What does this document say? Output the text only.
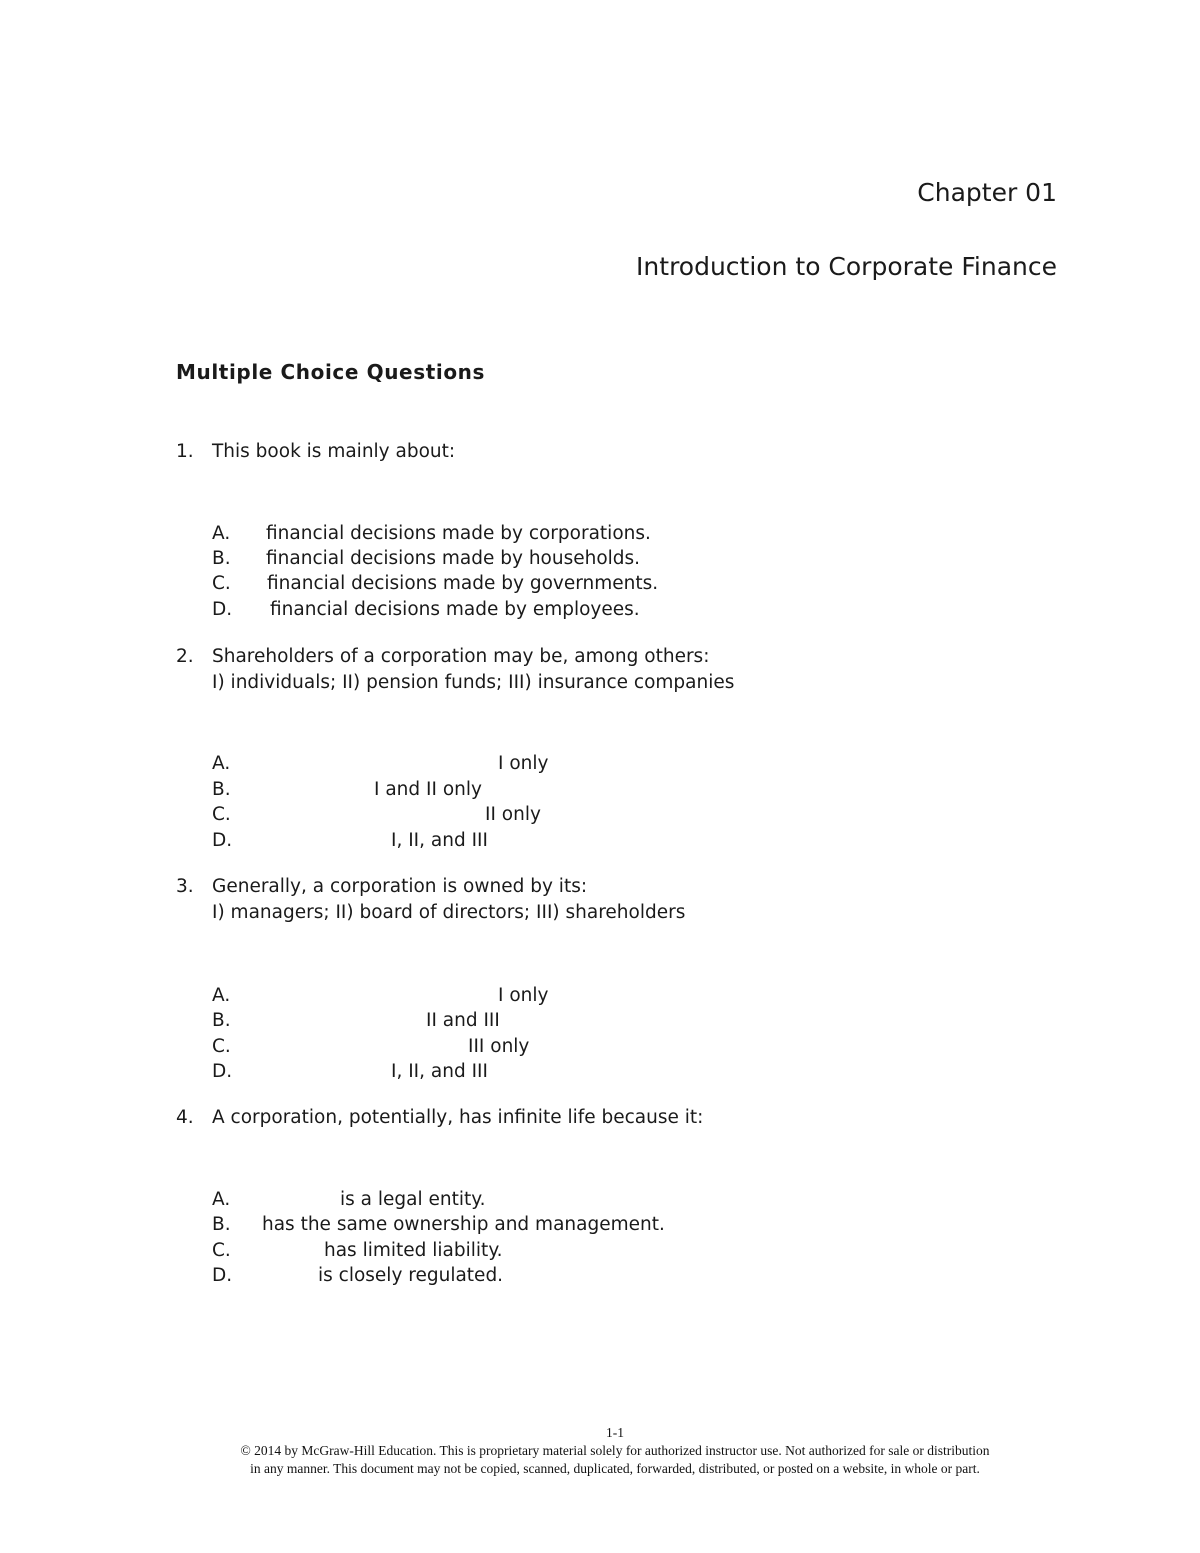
Chapter 01
Introduction to Corporate Finance
Multiple Choice Questions
1. This book is mainly about:
A. financial decisions made by corporations.
B. financial decisions made by households.
C. financial decisions made by governments.
D. financial decisions made by employees.
2. Shareholders of a corporation may be, among others:
I) individuals; II) pension funds; III) insurance companies
A.	I only
B.	I and II only
C.	II only
D.	I, II, and III
3. Generally, a corporation is owned by its:
I) managers; II) board of directors; III) shareholders
A.	I only
B.	II and III
C.	III only
D.	I, II, and III
4. A corporation, potentially, has infinite life because it:
A.	is a legal entity.
B. has the same ownership and management.
C.	has limited liability.
D.	is closely regulated.
1-1
© 2014 by McGraw-Hill Education. This is proprietary material solely for authorized instructor use. Not authorized for sale or distribution
in any manner. This document may not be copied, scanned, duplicated, forwarded, distributed, or posted on a website, in whole or part.
